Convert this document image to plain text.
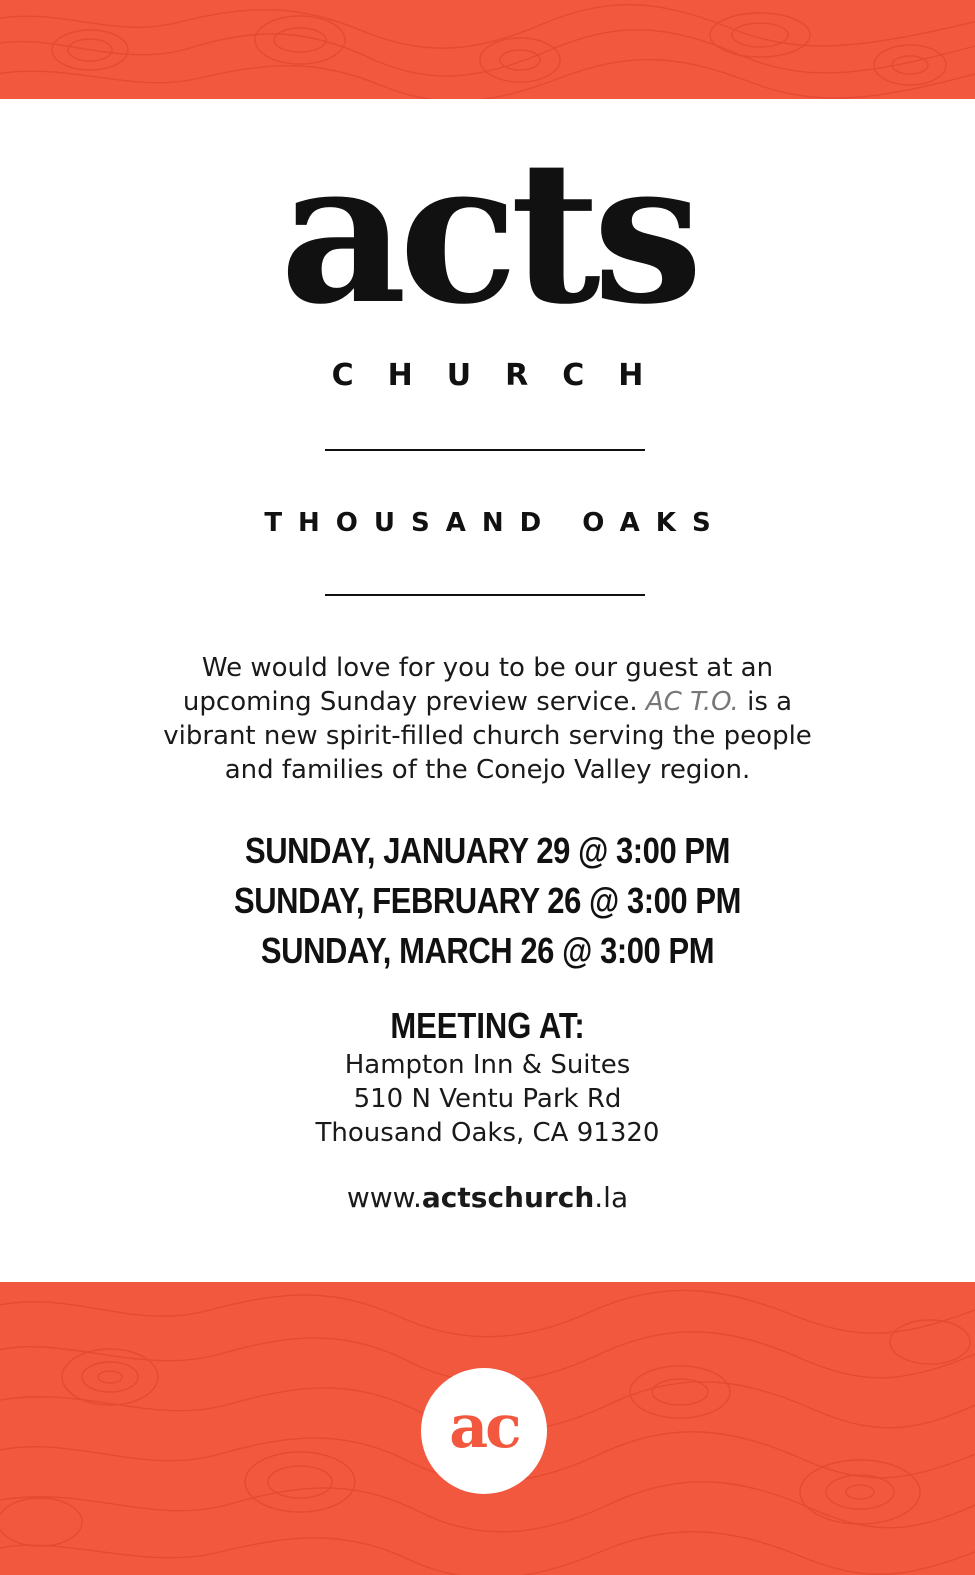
acts
CHURCH
THOUSAND OAKS
We would love for you to be our guest at an upcoming Sunday preview service. AC T.O. is a vibrant new spirit-filled church serving the people and families of the Conejo Valley region.
SUNDAY, JANUARY 29 @ 3:00 PM
SUNDAY, FEBRUARY 26 @ 3:00 PM
SUNDAY, MARCH 26 @ 3:00 PM
MEETING AT:
Hampton Inn & Suites
510 N Ventu Park Rd
Thousand Oaks, CA 91320
www.actschurch.la
ac
